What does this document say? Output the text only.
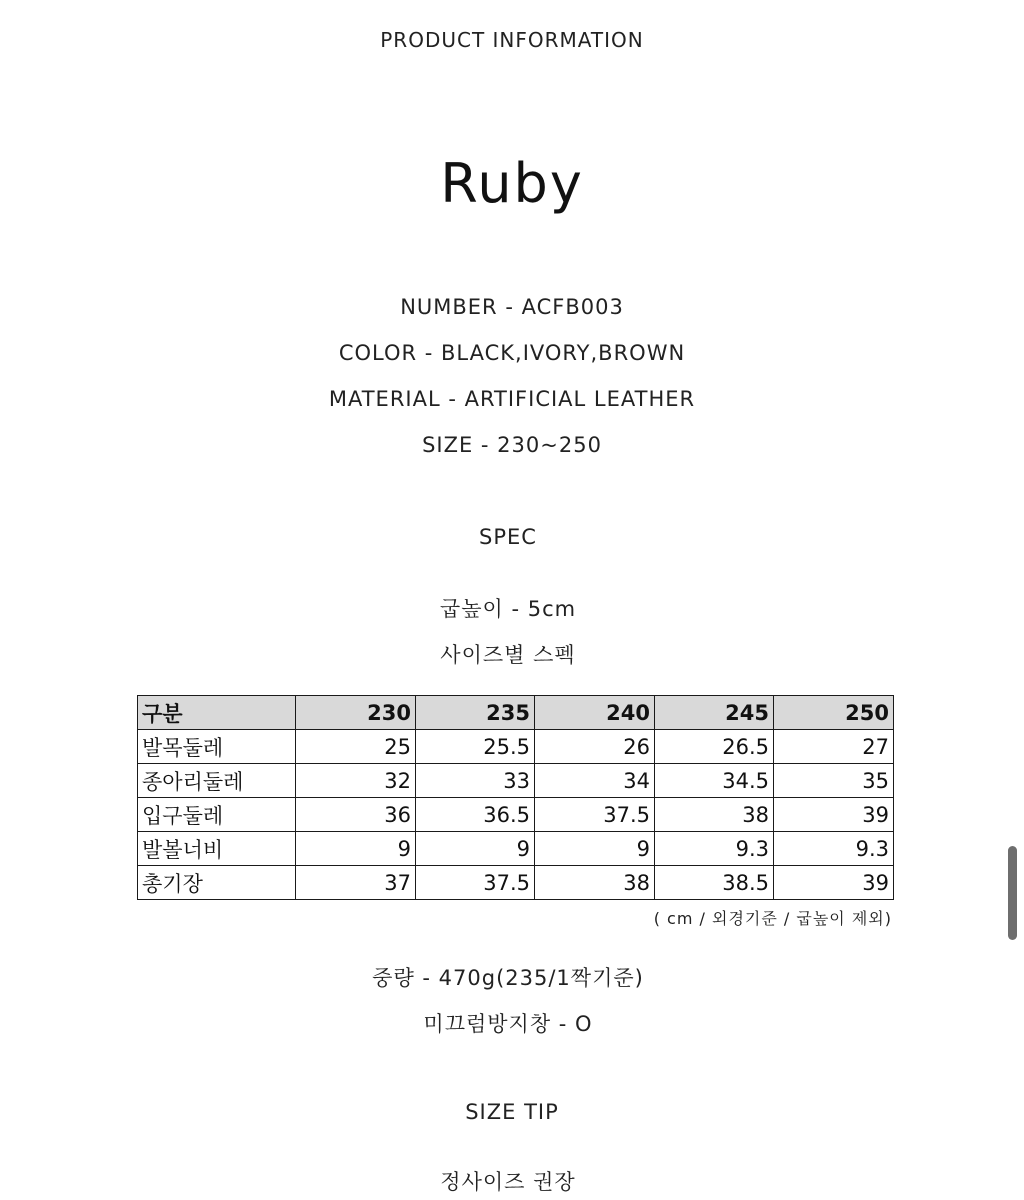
PRODUCT INFORMATION
Ruby
NUMBER - ACFB003
COLOR - BLACK,IVORY,BROWN
MATERIAL - ARTIFICIAL LEATHER
SIZE - 230~250
SPEC
굽높이 - 5cm
사이즈별 스펙
구분	230	235	240	245	250
발목둘레	25	25.5	26	26.5	27
종아리둘레	32	33	34	34.5	35
입구둘레	36	36.5	37.5	38	39
발볼너비	9	9	9	9.3	9.3
총기장	37	37.5	38	38.5	39
( cm / 외경기준 / 굽높이 제외)
중량 - 470g(235/1짝기준)
미끄럼방지창 - O
SIZE TIP
정사이즈 권장
